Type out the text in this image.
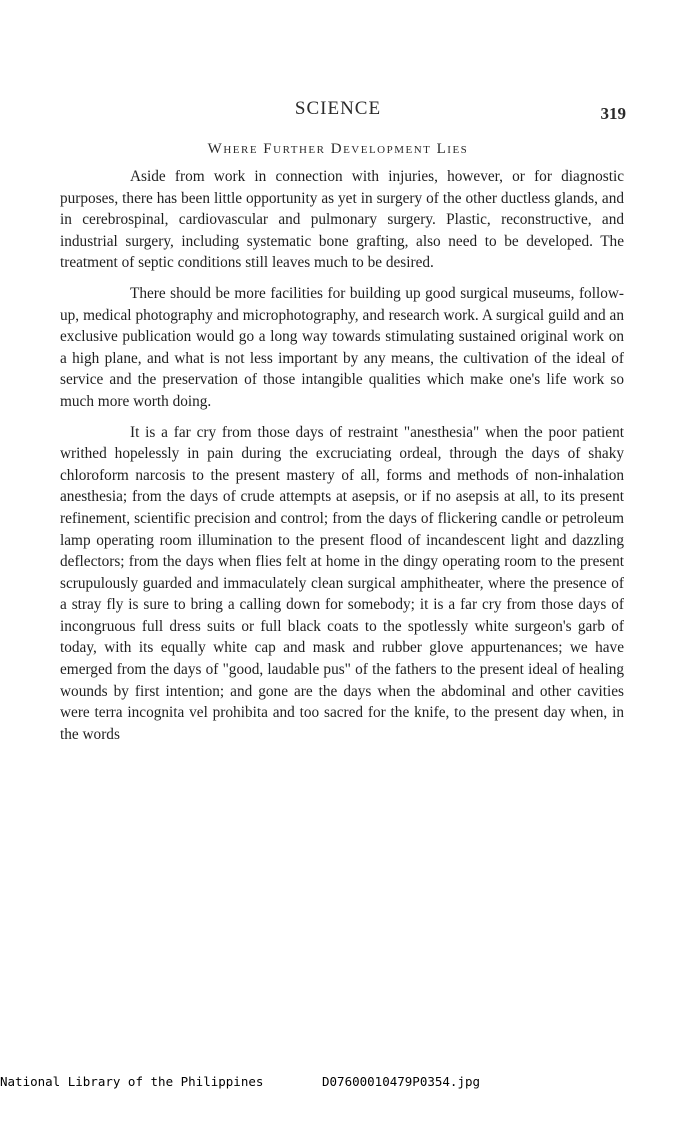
SCIENCE	319
Where Further Development Lies

Aside from work in connection with injuries, however, or for diagnostic purposes, there has been little opportunity as yet in surgery of the other ductless glands, and in cerebrospinal, cardiovascular and pulmonary surgery. Plastic, reconstructive, and industrial surgery, including systematic bone grafting, also need to be developed. The treatment of septic conditions still leaves much to be desired.

There should be more facilities for building up good surgical museums, follow-up, medical photography and microphotography, and research work. A surgical guild and an exclusive publication would go a long way towards stimulating sustained original work on a high plane, and what is not less important by any means, the cultivation of the ideal of service and the preservation of those intangible qualities which make one's life work so much more worth doing.

It is a far cry from those days of restraint "anesthesia" when the poor patient writhed hopelessly in pain during the excruciating ordeal, through the days of shaky chloroform narcosis to the present mastery of all, forms and methods of non-inhalation anesthesia; from the days of crude attempts at asepsis, or if no asepsis at all, to its present refinement, scientific precision and control; from the days of flickering candle or petroleum lamp operating room illumination to the present flood of incandescent light and dazzling deflectors; from the days when flies felt at home in the dingy operating room to the present scrupulously guarded and immaculately clean surgical amphitheater, where the presence of a stray fly is sure to bring a calling down for somebody; it is a far cry from those days of incongruous full dress suits or full black coats to the spotlessly white surgeon's garb of today, with its equally white cap and mask and rubber glove appurtenances; we have emerged from the days of "good, laudable pus" of the fathers to the present ideal of healing wounds by first intention; and gone are the days when the abdominal and other cavities were terra incognita vel prohibita and too sacred for the knife, to the present day when, in the words

National Library of the Philippines

	D07600010479P0354.jpg
